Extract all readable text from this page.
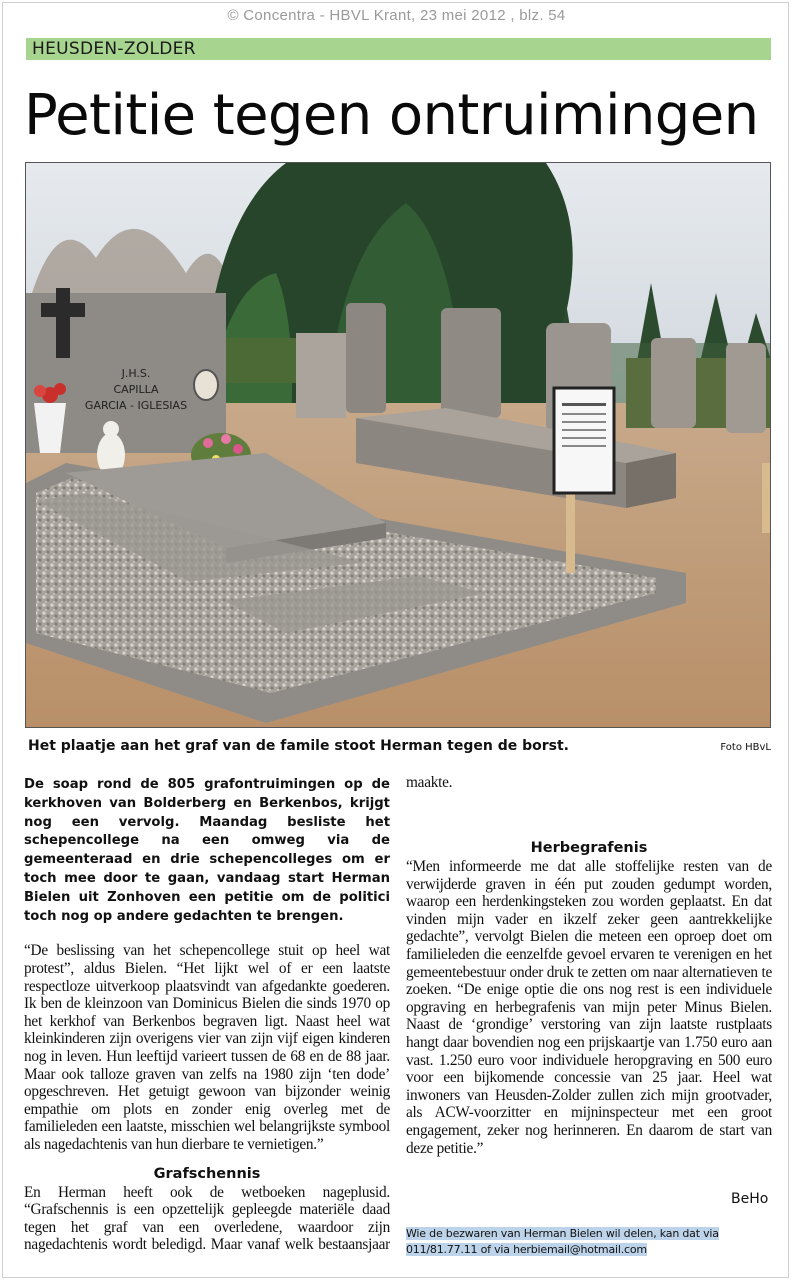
© Concentra - HBVL Krant, 23 mei 2012 , blz. 54
HEUSDEN-ZOLDER
Petitie tegen ontruimingen
J.H.S.
CAPILLA
GARCIA - IGLESIAS
Het plaatje aan het graf van de famile stoot Herman tegen de borst.	Foto HBvL

De soap rond de 805 grafontruimingen op de kerkhoven van Bolderberg en Berkenbos, krijgt nog een vervolg. Maandag besliste het schepencollege na een omweg via de gemeenteraad en drie schepencolleges om er toch mee door te gaan, vandaag start Herman Bielen uit Zonhoven een petitie om de politici toch nog op andere gedachten te brengen.

“De beslissing van het schepencollege stuit op heel wat protest”, aldus Bielen. “Het lijkt wel of er een laatste respectloze uitverkoop plaatsvindt van afgedankte goederen. Ik ben de kleinzoon van Dominicus Bielen die sinds 1970 op het kerkhof van Berkenbos begraven ligt. Naast heel wat kleinkinderen zijn overigens vier van zijn vijf eigen kinderen nog in leven. Hun leeftijd varieert tussen de 68 en de 88 jaar. Maar ook talloze graven van zelfs na 1980 zijn ‘ten dode’ opgeschreven. Het getuigt gewoon van bijzonder weinig empathie om plots en zonder enig overleg met de familieleden een laatste, misschien wel belangrijkste symbool als nagedachtenis van hun dierbare te vernietigen.”

Grafschennis

En Herman heeft ook de wetboeken nageplusid. “Grafschennis is een opzettelijk gepleegde materiële daad tegen het graf van een overledene, waardoor zijn nagedachtenis wordt beledigd. Maar vanaf welk bestaansjaar

maakte.

Herbegrafenis

“Men informeerde me dat alle stoffelijke resten van de verwijderde graven in één put zouden gedumpt worden, waarop een herdenkingsteken zou worden geplaatst. En dat vinden mijn vader en ikzelf zeker geen aantrekkelijke gedachte”, vervolgt Bielen die meteen een oproep doet om familieleden die eenzelfde gevoel ervaren te verenigen en het gemeentebestuur onder druk te zetten om naar alternatieven te zoeken. “De enige optie die ons nog rest is een individuele opgraving en herbegrafenis van mijn peter Minus Bielen. Naast de ‘grondige’ verstoring van zijn laatste rustplaats hangt daar bovendien nog een prijskaartje van 1.750 euro aan vast. 1.250 euro voor individuele heropgraving en 500 euro voor een bijkomende concessie van 25 jaar. Heel wat inwoners van Heusden-Zolder zullen zich mijn grootvader, als ACW-voorzitter en mijninspecteur met een groot engagement, zeker nog herinneren. En daarom de start van deze petitie.”

BeHo
Wie de bezwaren van Herman Bielen wil delen, kan dat via 011/81.77.11 of via herbiemail@hotmail.com
